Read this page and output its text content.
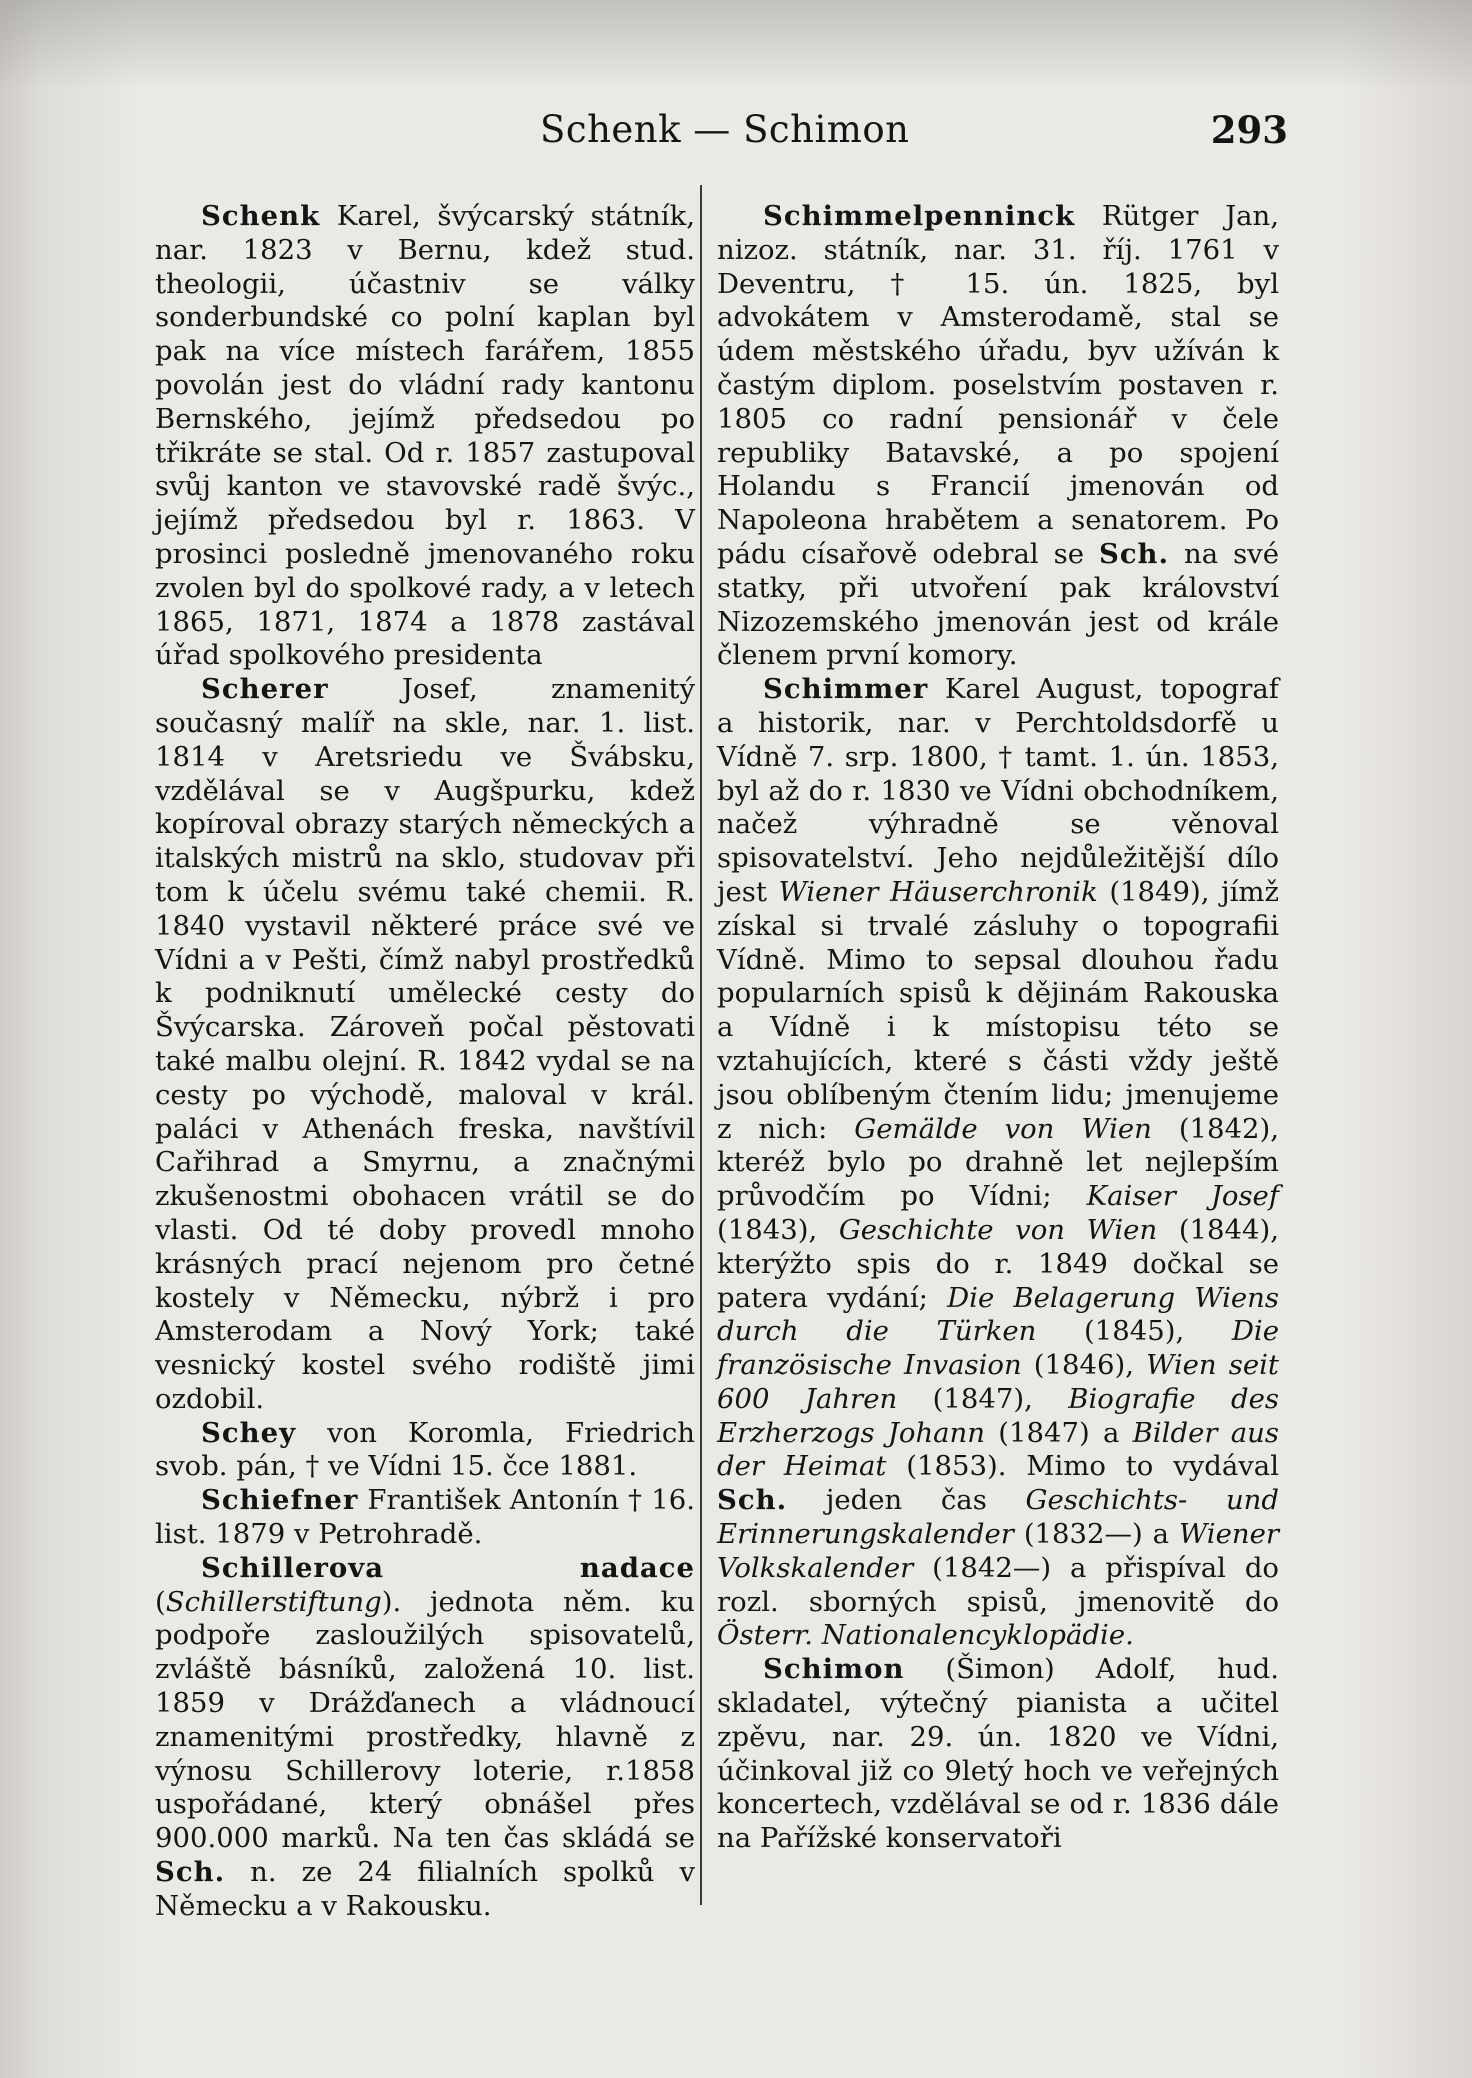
Schenk — Schimon	293

Schenk Karel, švýcarský státník, nar. 1823 v Bernu, kdež stud. theologii, účastniv se války sonderbundské co polní kaplan byl pak na více místech farářem, 1855 povolán jest do vládní rady kantonu Bernského, jejímž předsedou po třikráte se stal. Od r. 1857 zastupoval svůj kanton ve stavovské radě švýc., jejímž předsedou byl r. 1863. V prosinci posledně jmenovaného roku zvolen byl do spolkové rady, a v letech 1865, 1871, 1874 a 1878 zastával úřad spolkového presidenta

Scherer	Josef, znamenitý současný malíř na skle, nar. 1. list. 1814 v Aretsriedu ve Švábsku, vzdělával se v Augšpurku, kdež kopíroval obrazy starých německých a italských mistrů na sklo, studovav při tom k účelu svému také chemii. R. 1840 vystavil některé práce své ve Vídni a v Pešti, čímž nabyl prostředků k podniknutí umělecké cesty do Švýcarska. Zároveň počal pěstovati také malbu olejní. R. 1842 vydal se na cesty po východě, maloval v král. paláci v Athenách freska, navštívil Cařihrad a Smyrnu, a značnými zkušenostmi obohacen vrátil se do vlasti. Od té doby provedl mnoho krásných prací nejenom pro četné kostely v Německu, nýbrž i pro Amsterodam a Nový York; také vesnický kostel svého rodiště jimi ozdobil.

Schey von Koromla, Friedrich svob. pán, † ve Vídni 15. čce 1881.

Schiefner František Antonín † 16. list. 1879 v Petrohradě.

Schillerova nadace (Schillerstiftung). jednota něm. ku podpoře zasloužilých spisovatelů, zvláště básníků, založená 10. list. 1859 v Drážďanech a vládnoucí znamenitými prostředky, hlavně z výnosu Schillerovy loterie, r.1858 uspořádané, který obnášel přes 900.000 marků. Na ten čas skládá se Sch. n. ze 24 filialních spolků v Německu a v Rakousku.

Schimmelpenninck Rütger Jan, nizoz. státník, nar. 31. říj. 1761 v Deventru, † 15. ún. 1825, byl advokátem v Amsterodamě, stal se údem městského úřadu, byv užíván k častým diplom. poselstvím postaven r. 1805 co radní pensionář v čele republiky Batavské, a po spojení Holandu s Francií jmenován od Napoleona hrabětem a senatorem. Po pádu císařově odebral se Sch. na své statky, při utvoření pak království Nizozemského jmenován jest od krále členem první komory.

Schimmer Karel August, topograf a historik, nar. v Perchtoldsdorfě u Vídně 7. srp. 1800, † tamt. 1. ún. 1853, byl až do r. 1830 ve Vídni obchodníkem, načež výhradně se věnoval spisovatelství. Jeho nejdůležitější dílo jest Wiener Häuserchronik (1849), jímž získal si trvalé zásluhy o topografii Vídně. Mimo to sepsal dlouhou řadu popularních spisů k dějinám Rakouska a Vídně i k místopisu této se vztahujících, které s části vždy ještě jsou oblíbeným čtením lidu; jmenujeme z nich: Gemälde von Wien (1842), kteréž bylo po drahně let nejlepším průvodčím po Vídni; Kaiser Josef (1843), Geschichte von Wien (1844), kterýžto spis do r. 1849 dočkal se patera vydání; Die Belagerung Wiens durch die Türken (1845), Die französische Invasion (1846), Wien seit 600 Jahren (1847), Biografie des Erzherzogs Johann (1847) a Bilder aus der Heimat (1853). Mimo to vydával Sch. jeden čas Geschichts- und Erinnerungskalender (1832—) a Wiener Volkskalender (1842—) a přispíval do rozl. sborných spisů, jmenovitě do Österr. Nationalencyklopädie.

Schimon (Šimon) Adolf, hud. skladatel, výtečný pianista a učitel zpěvu, nar. 29. ún. 1820 ve Vídni, účinkoval již co 9letý hoch ve veřejných koncertech, vzdělával se od r. 1836 dále na Pařížské konservatoři
